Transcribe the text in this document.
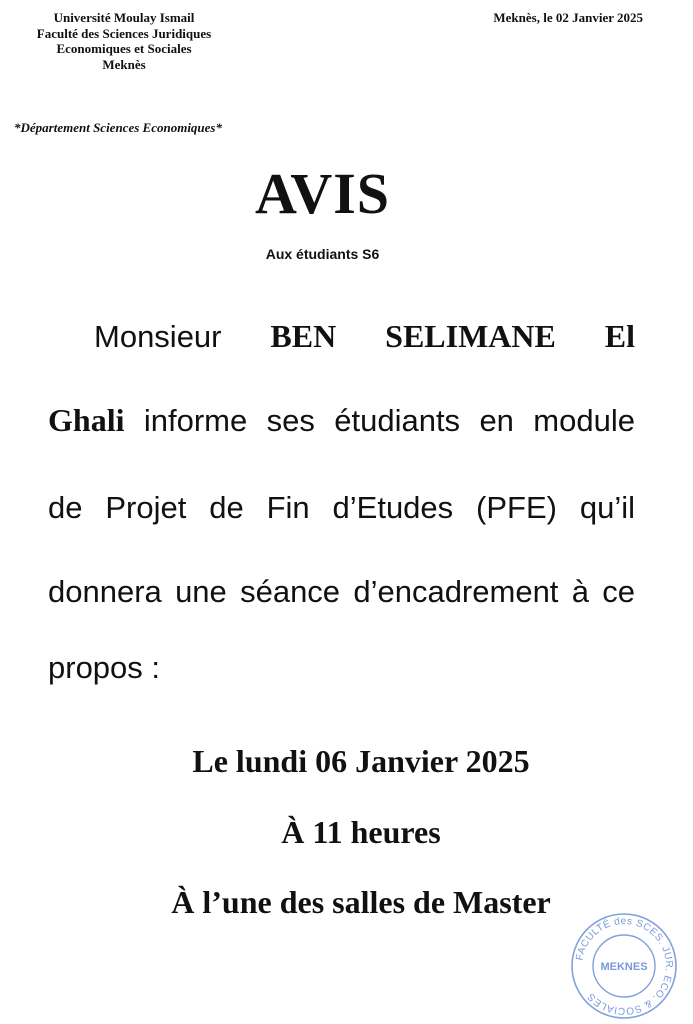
Université Moulay Ismail
Faculté des Sciences Juridiques
Economiques et Sociales
Meknès
Meknès, le 02 Janvier 2025
*Département Sciences Economiques*
AVIS
Aux étudiants S6
Monsieur BEN SELIMANE El
Ghali informe ses étudiants en module
de Projet de Fin d’Etudes (PFE) qu’il
donnera une séance d’encadrement à ce
propos :
Le lundi 06 Janvier 2025
À 11 heures
À l’une des salles de Master
FACULTÉ des SCES. JUR. ECO. & SOCIALES
MEKNES
